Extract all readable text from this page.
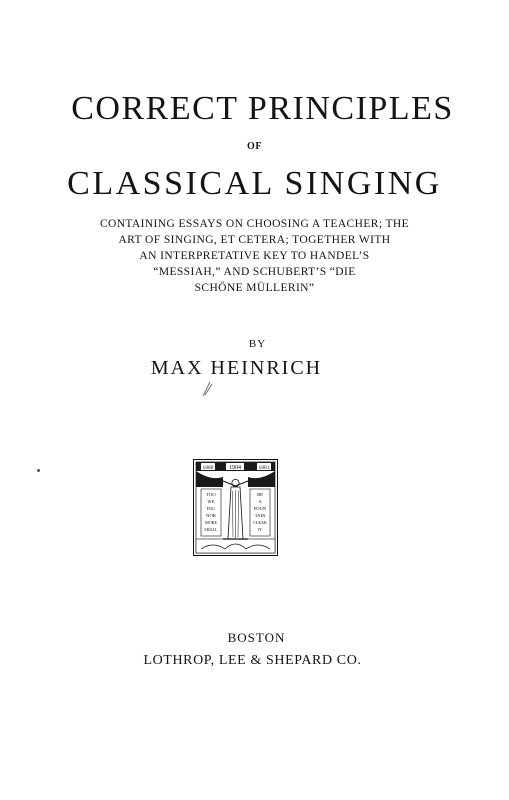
CORRECT PRINCIPLES

OF

CLASSICAL SINGING

CONTAINING ESSAYS ON CHOOSING A TEACHER; THE
ART OF SINGING, ET CETERA; TOGETHER WITH
AN INTERPRETATIVE KEY TO HANDEL’S
“MESSIAH,” AND SCHUBERT’S “DIE
SCHÖNE MÜLLERIN”

BY

MAX HEINRICH

1880	1904	1881
TOO
WE
DIG
NOR
MORE
SHALL
BE
A
FOUN
TAIN
CLEAR
IT

BOSTON

LOTHROP, LEE & SHEPARD CO.
